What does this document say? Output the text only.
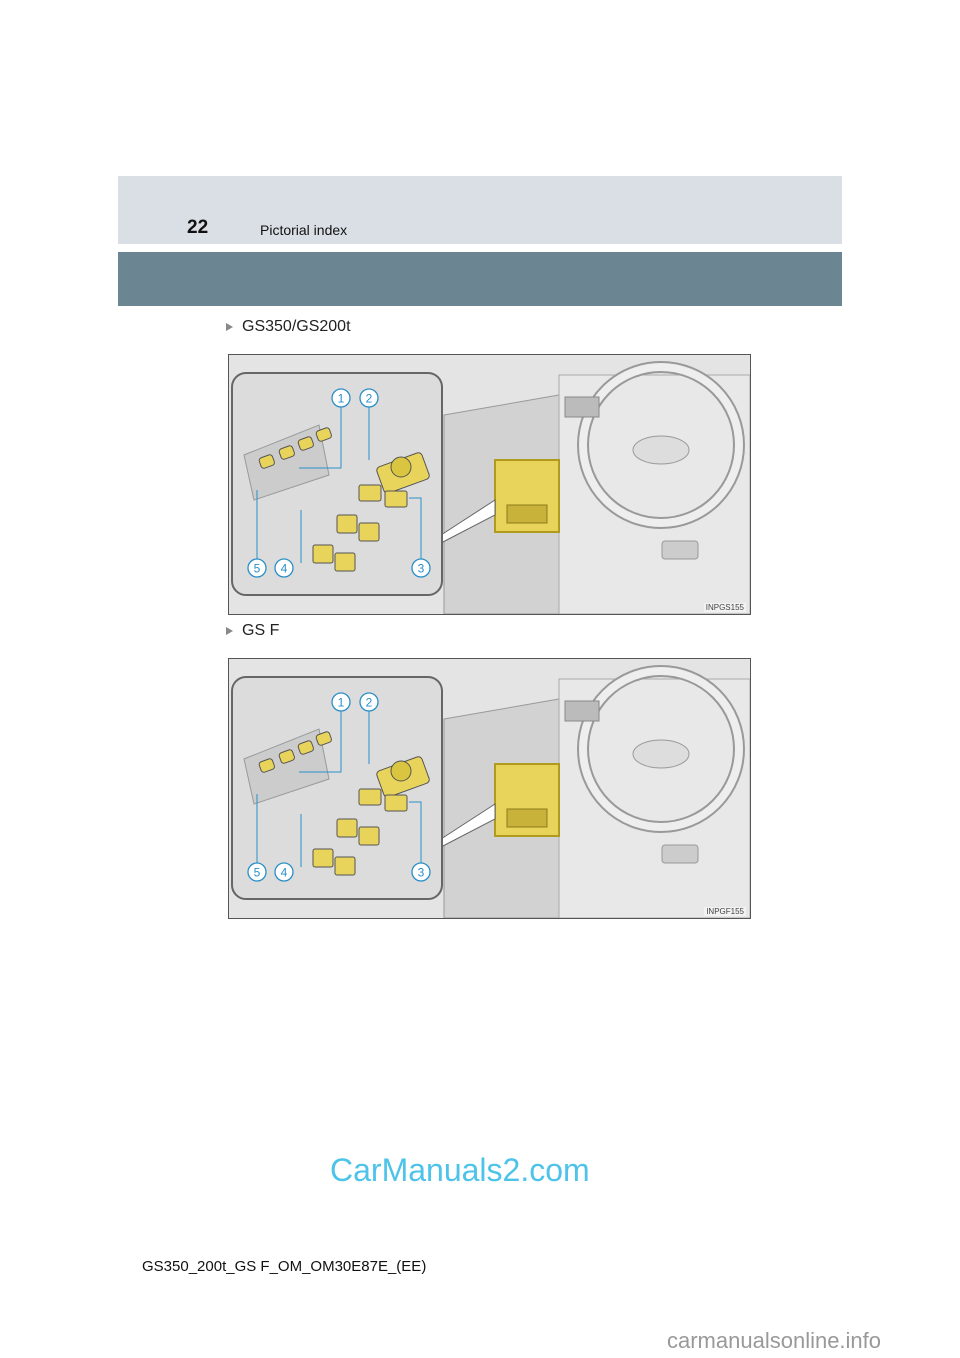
22	Pictorial index
GS350/GS200t
1 2
3
4
5
INPGS155
GS F
1 2
3
4
5
INPGF155
CarManuals2.com
GS350_200t_GS F_OM_OM30E87E_(EE)
carmanualsonline.info
